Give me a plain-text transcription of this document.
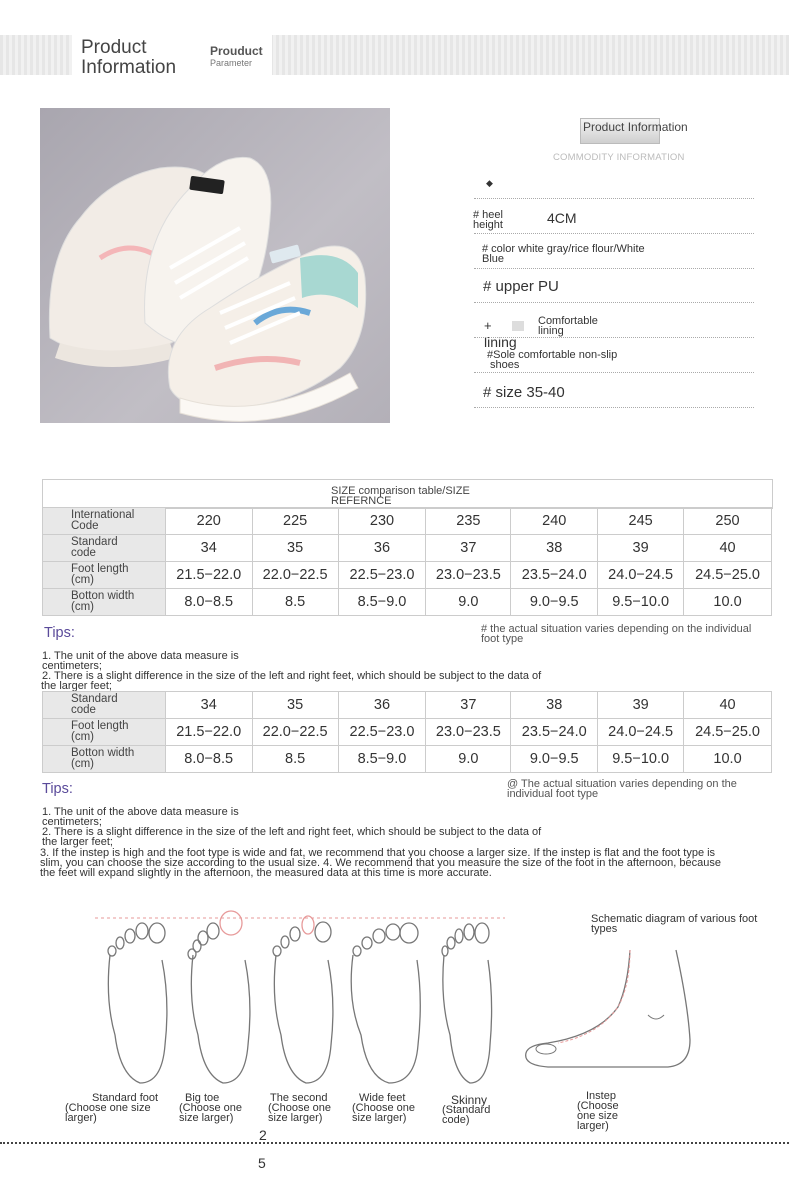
Product
Information
Prouduct
Parameter
Product Information
COMMODITY INFORMATION
◆
# heel
height	4CM
# color white gray/rice flour/White
Blue
# upper PU
+	Comfortable
lining
lining
#Sole comfortable non-slip
shoes
# size 35-40
SIZE comparison table/SIZE
REFERNCE
International
Code	220	225	230	235	240	245	250

Standard
code	34	35	36	37	38	39	40

Foot length
(cm)	21.5−22.0	22.0−22.5	22.5−23.0	23.0−23.5	23.5−24.0	24.0−24.5	24.5−25.0

Botton width
(cm)	8.0−8.5	8.5	8.5−9.0	9.0	9.0−9.5	9.5−10.0	10.0
Tips:	# the actual situation varies depending on the individual
foot type
1. The unit of the above data measure is
centimeters;
2. There is a slight difference in the size of the left and right feet, which should be subject to the data of
the larger feet;
Standard
code	34	35	36	37	38	39	40

Foot length
(cm)	21.5−22.0	22.0−22.5	22.5−23.0	23.0−23.5	23.5−24.0	24.0−24.5	24.5−25.0

Botton width
(cm)	8.0−8.5	8.5	8.5−9.0	9.0	9.0−9.5	9.5−10.0	10.0
Tips:	@ The actual situation varies depending on the
individual foot type
1. The unit of the above data measure is
centimeters;
2. There is a slight difference in the size of the left and right feet, which should be subject to the data of
the larger feet;
3. If the instep is high and the foot type is wide and fat, we recommend that you choose a larger size. If the instep is flat and the foot type is
slim, you can choose the size according to the usual size. 4. We recommend that you measure the size of the foot in the afternoon, because
the feet will expand slightly in the afternoon, the measured data at this time is more accurate.
Schematic diagram of various foot
types
Standard foot
(Choose one size
larger)
Big toe
(Choose one
size larger)
The second
(Choose one
size larger)
Wide feet
(Choose one
size larger)
Skinny
(Standard
code)
Instep
(Choose
one size
larger)
2
5
